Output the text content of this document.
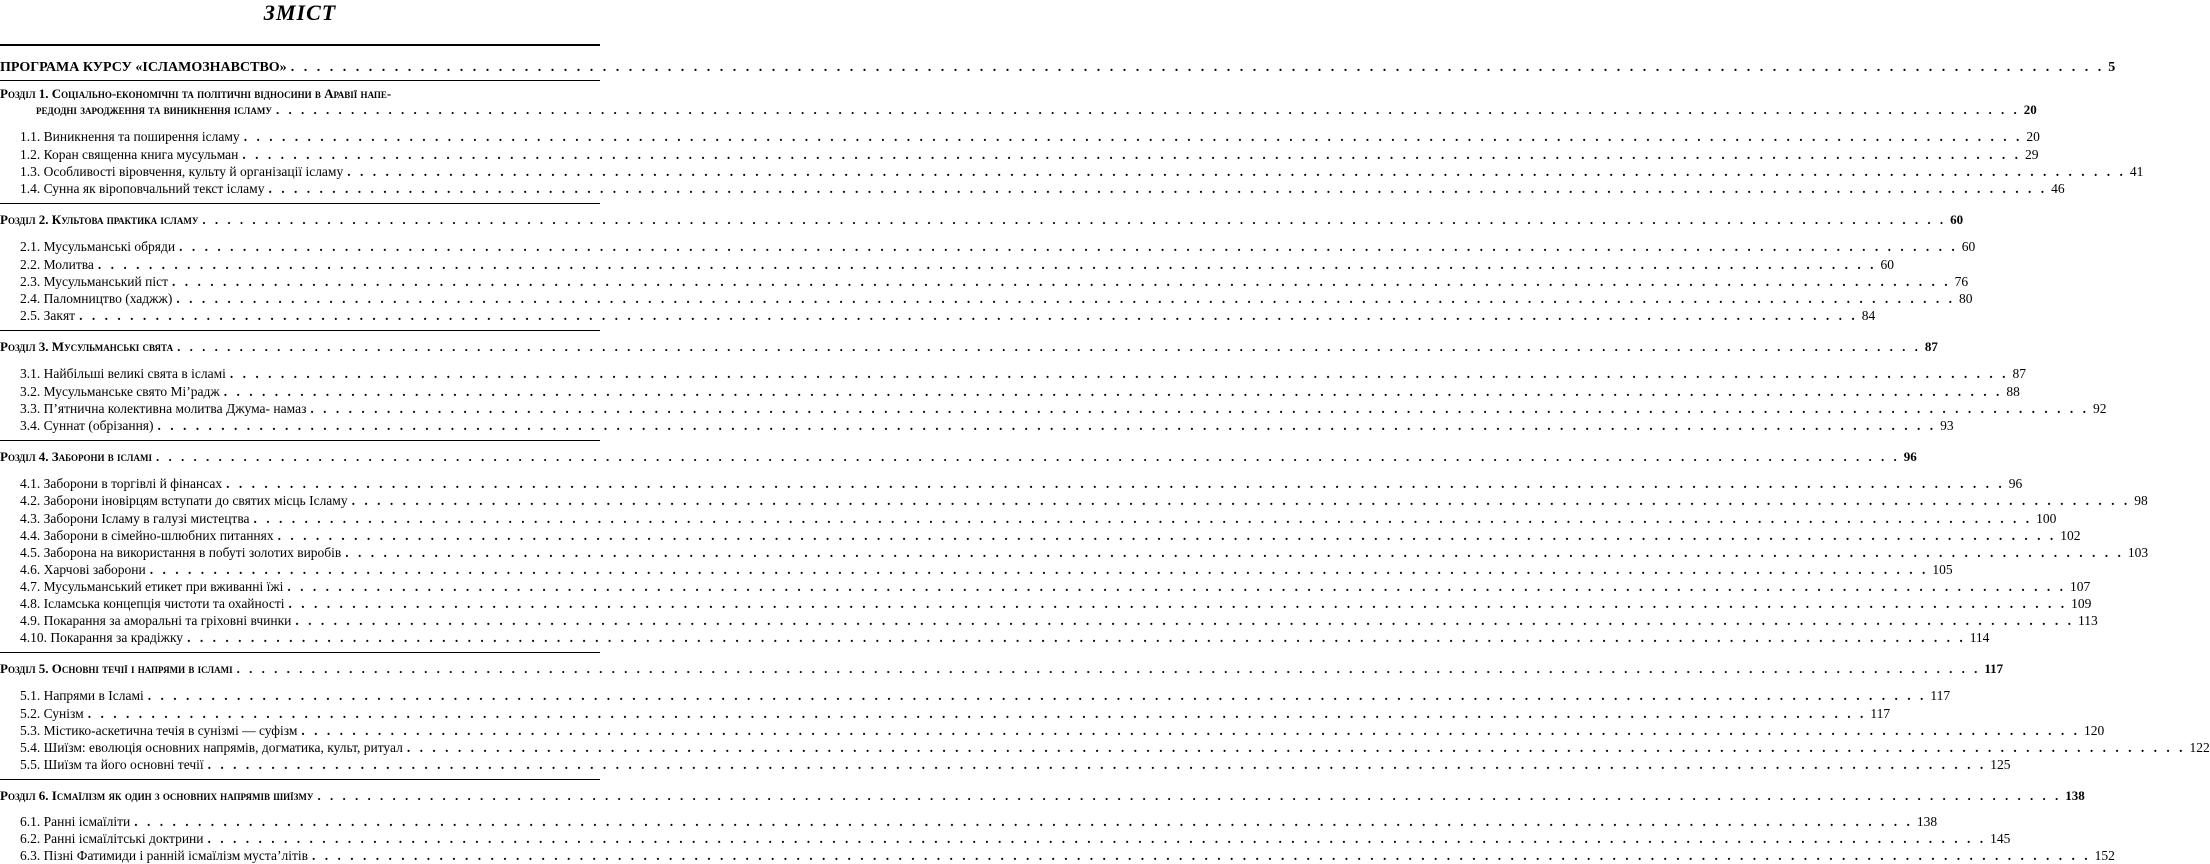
ЗМІСТ
ПРОГРАМА КУРСУ «ІСЛАМОЗНАВСТВО» . . .	5
Розділ 1. Соціально-економічні та політичні відносини в Аравії напе-
редодні зародження та виникнення ісламу . . .	20
1.1. Виникнення та поширення ісламу . . .	20
1.2. Коран священна книга мусульман . . .	29
1.3. Особливості віровчення, культу й організації ісламу . . .	41
1.4. Сунна як віроповчальний текст ісламу . . .	46
Розділ 2. Культова практика ісламу . . .	60
2.1. Мусульманські обряди . . .	60
2.2. Молитва . . .	60
2.3. Мусульманський піст . . .	76
2.4. Паломництво (хаджж) . . .	80
2.5. Закят . . .	84
Розділ 3. Мусульманські свята . . .	87
3.1. Найбільші великі свята в ісламі . . .	87
3.2. Мусульманське свято Мі’радж . . .	88
3.3. П’ятнична колективна молитва Джума- намаз . . .	92
3.4. Суннат (обрізання) . . .	93
Розділ 4. Заборони в ісламі . . .	96
4.1. Заборони в торгівлі й фінансах . . .	96
4.2. Заборони іновірцям вступати до святих місць Ісламу . . .	98
4.3. Заборони Ісламу в галузі мистецтва . . .	100
4.4. Заборони в сімейно-шлюбних питаннях . . .	102
4.5. Заборона на використання в побуті золотих виробів . . .	103
4.6. Харчові заборони . . .	105
4.7. Мусульманський етикет при вживанні їжі . . .	107
4.8. Ісламська концепція чистоти та охайності . . .	109
4.9. Покарання за аморальні та гріховні вчинки . . .	113
4.10. Покарання за крадіжку . . .	114
Розділ 5. Основні течії і напрями в ісламі . . .	117
5.1. Напрями в Ісламі . . .	117
5.2. Сунізм . . .	117
5.3. Містико-аскетична течія в сунізмі — суфізм . . .	120
5.4. Шиїзм: еволюція основних напрямів, догматика, культ, ритуал . . .	122
5.5. Шиїзм та його основні течії . . .	125
Розділ 6. Ісмаїлізм як один з основних напрямів шиїзму . . .	138
6.1. Ранні ісмаїліти . . .	138
6.2. Ранні ісмаїлітські доктрини . . .	145
6.3. Пізні Фатимиди і ранній ісмаїлізм муста’літів . . .	152
